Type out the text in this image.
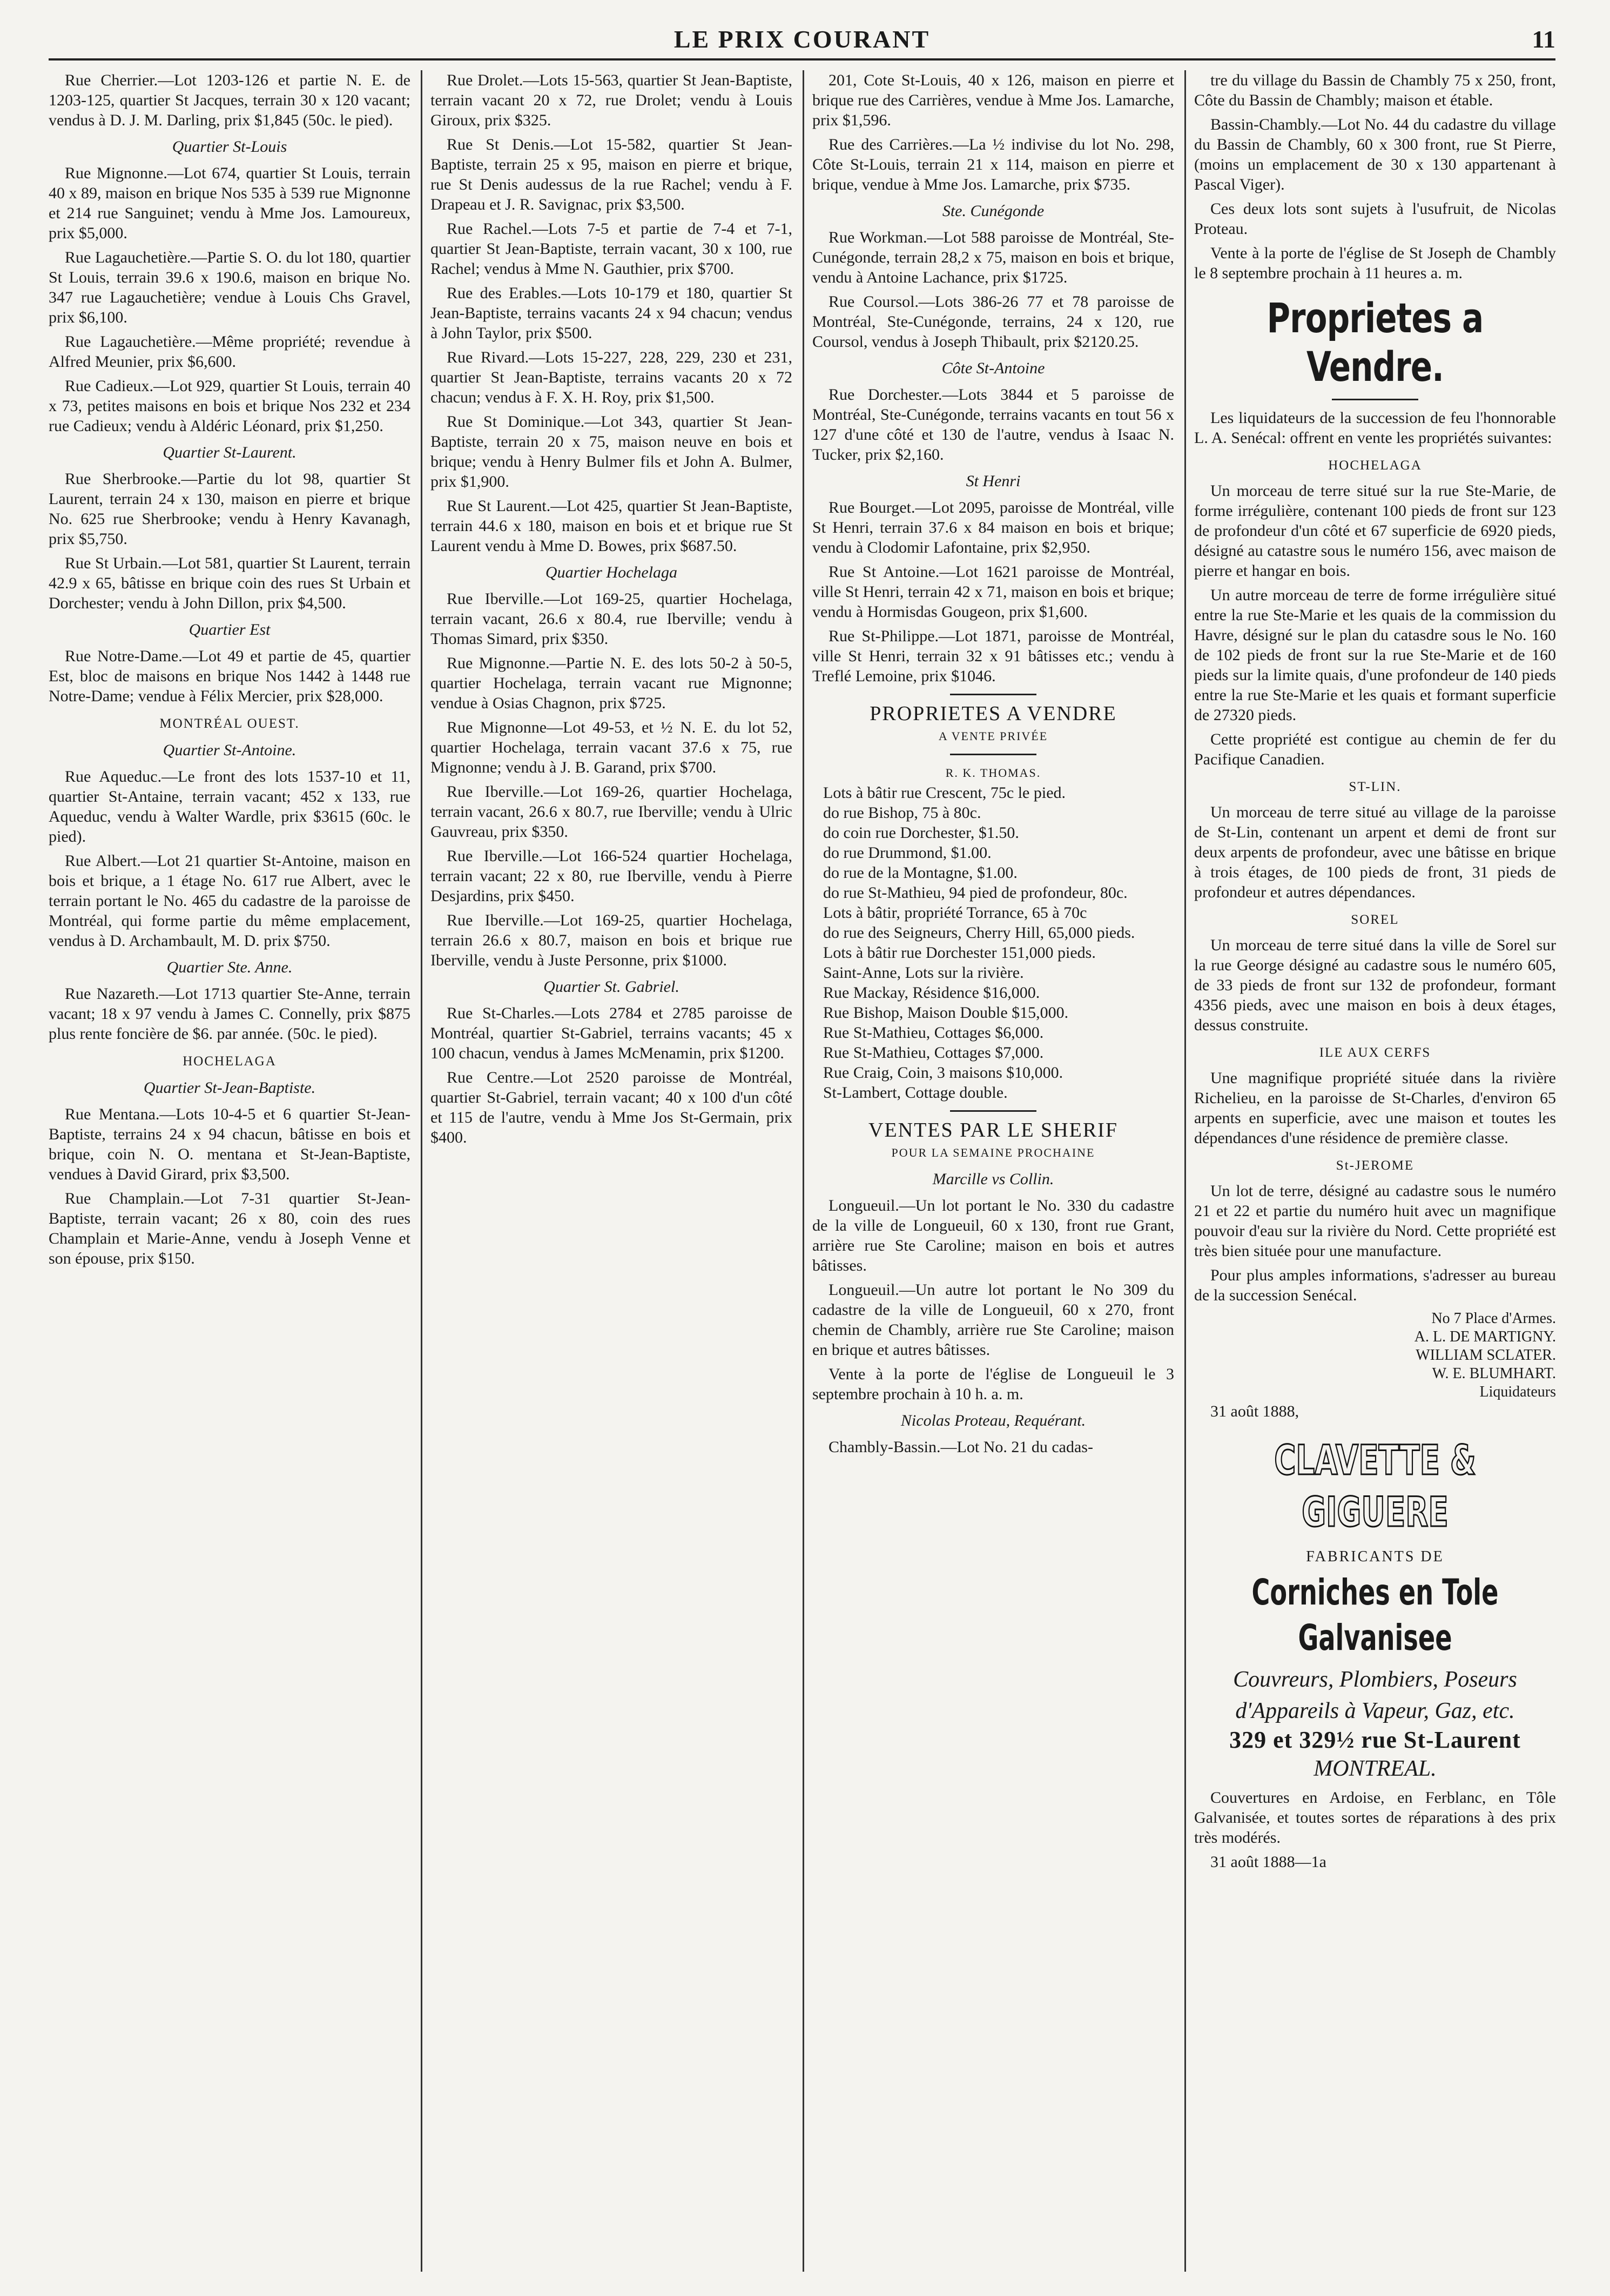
LE PRIX COURANT	11

Rue Cherrier.—Lot 1203-126 et partie N. E. de 1203-125, quartier St Jacques, terrain 30 x 120 vacant; vendus à D. J. M. Darling, prix $1,845 (50c. le pied).

Quartier St-Louis

Rue Mignonne.—Lot 674, quartier St Louis, terrain 40 x 89, maison en brique Nos 535 à 539 rue Mignonne et 214 rue Sanguinet; vendu à Mme Jos. Lamoureux, prix $5,000.

Rue Lagauchetière.—Partie S. O. du lot 180, quartier St Louis, terrain 39.6 x 190.6, maison en brique No. 347 rue Lagauchetière; vendue à Louis Chs Gravel, prix $6,100.

Rue Lagauchetière.—Même propriété; revendue à Alfred Meunier, prix $6,600.

Rue Cadieux.—Lot 929, quartier St Louis, terrain 40 x 73, petites maisons en bois et brique Nos 232 et 234 rue Cadieux; vendu à Aldéric Léonard, prix $1,250.

Quartier St-Laurent.

Rue Sherbrooke.—Partie du lot 98, quartier St Laurent, terrain 24 x 130, maison en pierre et brique No. 625 rue Sherbrooke; vendu à Henry Kavanagh, prix $5,750.

Rue St Urbain.—Lot 581, quartier St Laurent, terrain 42.9 x 65, bâtisse en brique coin des rues St Urbain et Dorchester; vendu à John Dillon, prix $4,500.

Quartier Est

Rue Notre-Dame.—Lot 49 et partie de 45, quartier Est, bloc de maisons en brique Nos 1442 à 1448 rue Notre-Dame; vendue à Félix Mercier, prix $28,000.

MONTRÉAL OUEST.
Quartier St-Antoine.

Rue Aqueduc.—Le front des lots 1537-10 et 11, quartier St-Antaine, terrain vacant; 452 x 133, rue Aqueduc, vendu à Walter Wardle, prix $3615 (60c. le pied).

Rue Albert.—Lot 21 quartier St-Antoine, maison en bois et brique, a 1 étage No. 617 rue Albert, avec le terrain portant le No. 465 du cadastre de la paroisse de Montréal, qui forme partie du même emplacement, vendus à D. Archambault, M. D. prix $750.

Quartier Ste. Anne.

Rue Nazareth.—Lot 1713 quartier Ste-Anne, terrain vacant; 18 x 97 vendu à James C. Connelly, prix $875 plus rente foncière de $6. par année. (50c. le pied).

HOCHELAGA
Quartier St-Jean-Baptiste.

Rue Mentana.—Lots 10-4-5 et 6 quartier St-Jean-Baptiste, terrains 24 x 94 chacun, bâtisse en bois et brique, coin N. O. mentana et St-Jean-Baptiste, vendues à David Girard, prix $3,500.

Rue Champlain.—Lot 7-31 quartier St-Jean-Baptiste, terrain vacant; 26 x 80, coin des rues Champlain et Marie-Anne, vendu à Joseph Venne et son épouse, prix $150.

Rue Drolet.—Lots 15-563, quartier St Jean-Baptiste, terrain vacant 20 x 72, rue Drolet; vendu à Louis Giroux, prix $325.

Rue St Denis.—Lot 15-582, quartier St Jean-Baptiste, terrain 25 x 95, maison en pierre et brique, rue St Denis audessus de la rue Rachel; vendu à F. Drapeau et J. R. Savignac, prix $3,500.

Rue Rachel.—Lots 7-5 et partie de 7-4 et 7-1, quartier St Jean-Baptiste, terrain vacant, 30 x 100, rue Rachel; vendus à Mme N. Gauthier, prix $700.

Rue des Erables.—Lots 10-179 et 180, quartier St Jean-Baptiste, terrains vacants 24 x 94 chacun; vendus à John Taylor, prix $500.

Rue Rivard.—Lots 15-227, 228, 229, 230 et 231, quartier St Jean-Baptiste, terrains vacants 20 x 72 chacun; vendus à F. X. H. Roy, prix $1,500.

Rue St Dominique.—Lot 343, quartier St Jean-Baptiste, terrain 20 x 75, maison neuve en bois et brique; vendu à Henry Bulmer fils et John A. Bulmer, prix $1,900.

Rue St Laurent.—Lot 425, quartier St Jean-Baptiste, terrain 44.6 x 180, maison en bois et et brique rue St Laurent vendu à Mme D. Bowes, prix $687.50.

Quartier Hochelaga

Rue Iberville.—Lot 169-25, quartier Hochelaga, terrain vacant, 26.6 x 80.4, rue Iberville; vendu à Thomas Simard, prix $350.

Rue Mignonne.—Partie N. E. des lots 50-2 à 50-5, quartier Hochelaga, terrain vacant rue Mignonne; vendue à Osias Chagnon, prix $725.

Rue Mignonne—Lot 49-53, et ½ N. E. du lot 52, quartier Hochelaga, terrain vacant 37.6 x 75, rue Mignonne; vendu à J. B. Garand, prix $700.

Rue Iberville.—Lot 169-26, quartier Hochelaga, terrain vacant, 26.6 x 80.7, rue Iberville; vendu à Ulric Gauvreau, prix $350.

Rue Iberville.—Lot 166-524 quartier Hochelaga, terrain vacant; 22 x 80, rue Iberville, vendu à Pierre Desjardins, prix $450.

Rue Iberville.—Lot 169-25, quartier Hochelaga, terrain 26.6 x 80.7, maison en bois et brique rue Iberville, vendu à Juste Personne, prix $1000.

Quartier St. Gabriel.

Rue St-Charles.—Lots 2784 et 2785 paroisse de Montréal, quartier St-Gabriel, terrains vacants; 45 x 100 chacun, vendus à James McMenamin, prix $1200.

Rue Centre.—Lot 2520 paroisse de Montréal, quartier St-Gabriel, terrain vacant; 40 x 100 d'un côté et 115 de l'autre, vendu à Mme Jos St-Germain, prix $400.

201, Cote St-Louis, 40 x 126, maison en pierre et brique rue des Carrières, vendue à Mme Jos. Lamarche, prix $1,596.

Rue des Carrières.—La ½ indivise du lot No. 298, Côte St-Louis, terrain 21 x 114, maison en pierre et brique, vendue à Mme Jos. Lamarche, prix $735.

Ste. Cunégonde

Rue Workman.—Lot 588 paroisse de Montréal, Ste-Cunégonde, terrain 28,2 x 75, maison en bois et brique, vendu à Antoine Lachance, prix $1725.

Rue Coursol.—Lots 386-26 77 et 78 paroisse de Montréal, Ste-Cunégonde, terrains, 24 x 120, rue Coursol, vendus à Joseph Thibault, prix $2120.25.

Côte St-Antoine

Rue Dorchester.—Lots 3844 et 5 paroisse de Montréal, Ste-Cunégonde, terrains vacants en tout 56 x 127 d'une côté et 130 de l'autre, vendus à Isaac N. Tucker, prix $2,160.

St Henri

Rue Bourget.—Lot 2095, paroisse de Montréal, ville St Henri, terrain 37.6 x 84 maison en bois et brique; vendu à Clodomir Lafontaine, prix $2,950.

Rue St Antoine.—Lot 1621 paroisse de Montréal, ville St Henri, terrain 42 x 71, maison en bois et brique; vendu à Hormisdas Gougeon, prix $1,600.

Rue St-Philippe.—Lot 1871, paroisse de Montréal, ville St Henri, terrain 32 x 91 bâtisses etc.; vendu à Treflé Lemoine, prix $1046.

PROPRIETES A VENDRE

A VENTE PRIVÉE

R. K. THOMAS.

Lots à bâtir rue Crescent, 75c le pied.
do rue Bishop, 75 à 80c.
do coin rue Dorchester, $1.50.
do rue Drummond, $1.00.
do rue de la Montagne, $1.00.
do rue St-Mathieu, 94 pied de profondeur, 80c.
Lots à bâtir, propriété Torrance, 65 à 70c
do rue des Seigneurs, Cherry Hill, 65,000 pieds.
Lots à bâtir rue Dorchester 151,000 pieds.
Saint-Anne, Lots sur la rivière.
Rue Mackay, Résidence $16,000.
Rue Bishop, Maison Double $15,000.
Rue St-Mathieu, Cottages $6,000.
Rue St-Mathieu, Cottages $7,000.
Rue Craig, Coin, 3 maisons $10,000.
St-Lambert, Cottage double.
VENTES PAR LE SHERIF

POUR LA SEMAINE PROCHAINE

Marcille vs Collin.

Longueuil.—Un lot portant le No. 330 du cadastre de la ville de Longueuil, 60 x 130, front rue Grant, arrière rue Ste Caroline; maison en bois et autres bâtisses.

Longueuil.—Un autre lot portant le No 309 du cadastre de la ville de Longueuil, 60 x 270, front chemin de Chambly, arrière rue Ste Caroline; maison en brique et autres bâtisses.

Vente à la porte de l'église de Longueuil le 3 septembre prochain à 10 h. a. m.

Nicolas Proteau, Requérant.

Chambly-Bassin.—Lot No. 21 du cadas-

tre du village du Bassin de Chambly 75 x 250, front, Côte du Bassin de Chambly; maison et étable.

Bassin-Chambly.—Lot No. 44 du cadastre du village du Bassin de Chambly, 60 x 300 front, rue St Pierre, (moins un emplacement de 30 x 130 appartenant à Pascal Viger).

Ces deux lots sont sujets à l'usufruit, de Nicolas Proteau.

Vente à la porte de l'église de St Joseph de Chambly le 8 septembre prochain à 11 heures a. m.

Proprietes a Vendre.

Les liquidateurs de la succession de feu l'honnorable L. A. Senécal: offrent en vente les propriétés suivantes:

HOCHELAGA

Un morceau de terre situé sur la rue Ste-Marie, de forme irrégulière, contenant 100 pieds de front sur 123 de profondeur d'un côté et 67 superficie de 6920 pieds, désigné au catastre sous le numéro 156, avec maison de pierre et hangar en bois.

Un autre morceau de terre de forme irrégulière situé entre la rue Ste-Marie et les quais de la commission du Havre, désigné sur le plan du catasdre sous le No. 160 de 102 pieds de front sur la rue Ste-Marie et de 160 pieds sur la limite quais, d'une profondeur de 140 pieds entre la rue Ste-Marie et les quais et formant superficie de 27320 pieds.

Cette propriété est contigue au chemin de fer du Pacifique Canadien.

ST-LIN.

Un morceau de terre situé au village de la paroisse de St-Lin, contenant un arpent et demi de front sur deux arpents de profondeur, avec une bâtisse en brique à trois étages, de 100 pieds de front, 31 pieds de profondeur et autres dépendances.

SOREL

Un morceau de terre situé dans la ville de Sorel sur la rue George désigné au cadastre sous le numéro 605, de 33 pieds de front sur 132 de profondeur, formant 4356 pieds, avec une maison en bois à deux étages, dessus construite.

ILE AUX CERFS

Une magnifique propriété située dans la rivière Richelieu, en la paroisse de St-Charles, d'environ 65 arpents en superficie, avec une maison et toutes les dépendances d'une résidence de première classe.

St-JEROME

Un lot de terre, désigné au cadastre sous le numéro 21 et 22 et partie du numéro huit avec un magnifique pouvoir d'eau sur la rivière du Nord. Cette propriété est très bien située pour une manufacture.

Pour plus amples informations, s'adresser au bureau de la succession Senécal.

No 7 Place d'Armes.
A. L. DE MARTIGNY.
WILLIAM SCLATER.
W. E. BLUMHART.
Liquidateurs

31 août 1888,

CLAVETTE & GIGUERE
FABRICANTS DE
Corniches en Tole Galvanisee
Couvreurs, Plombiers, Poseurs d'Appareils à Vapeur, Gaz, etc.
329 et 329½ rue St-Laurent
MONTREAL.

Couvertures en Ardoise, en Ferblanc, en Tôle Galvanisée, et toutes sortes de réparations à des prix très modérés.

31 août 1888—1a
